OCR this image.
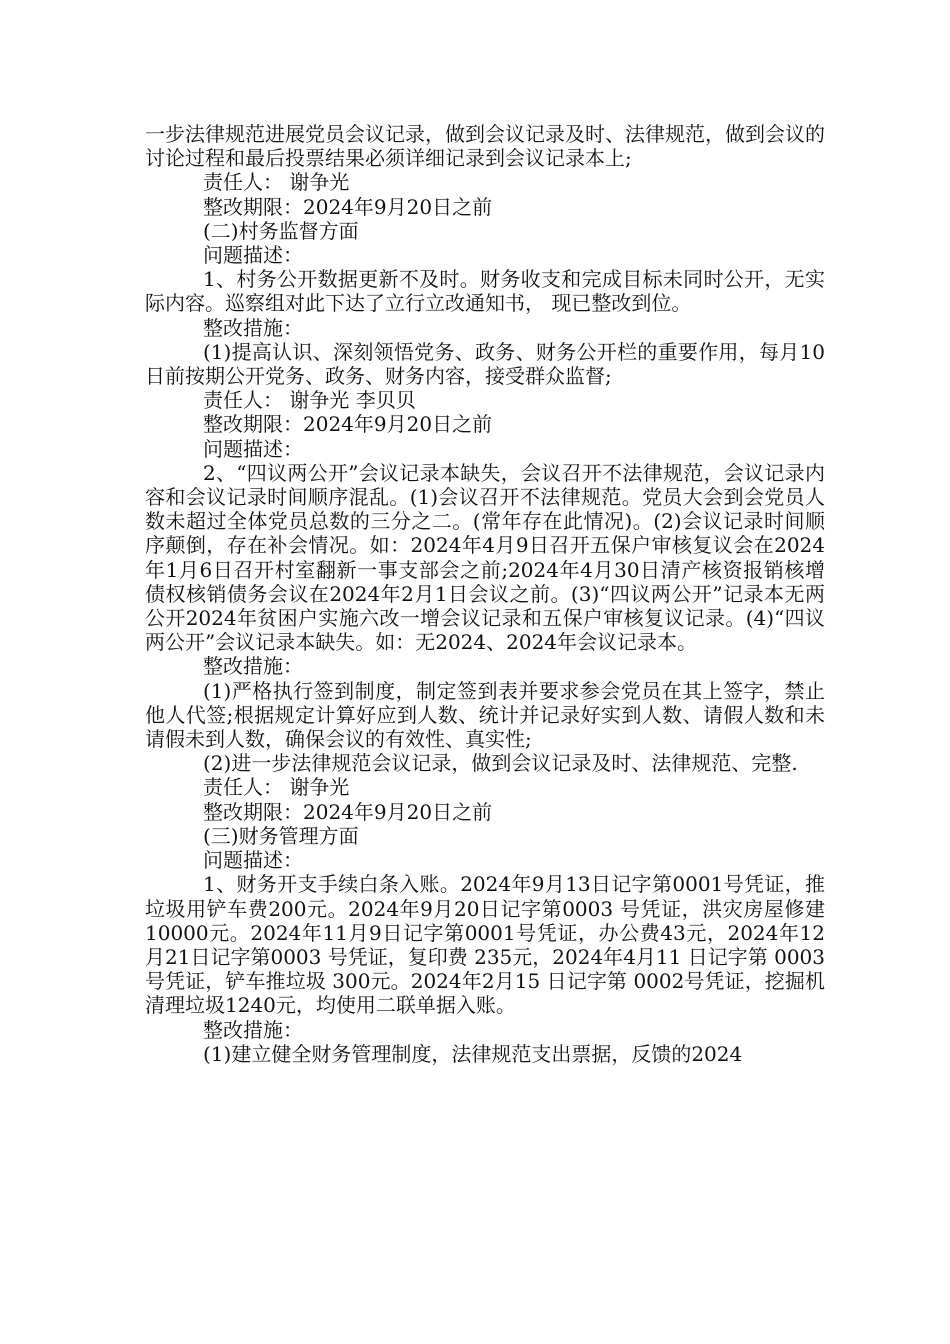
一步法律规范进展党员会议记录，做到会议记录及时、法律规范，做到会议的讨论过程和最后投票结果必须详细记录到会议记录本上;

责任人： 谢争光

整改期限：2024年9月20日之前

(二)村务监督方面

问题描述：

1、村务公开数据更新不及时。财务收支和完成目标未同时公开，无实际内容。巡察组对此下达了立行立改通知书， 现已整改到位。

整改措施：

(1)提高认识、深刻领悟党务、政务、财务公开栏的重要作用，每月10日前按期公开党务、政务、财务内容，接受群众监督;

责任人： 谢争光 李贝贝

整改期限：2024年9月20日之前

问题描述：

2、“四议两公开”会议记录本缺失，会议召开不法律规范，会议记录内容和会议记录时间顺序混乱。(1)会议召开不法律规范。党员大会到会党员人数未超过全体党员总数的三分之二。(常年存在此情况)。(2)会议记录时间顺序颠倒，存在补会情况。如：2024年4月9日召开五保户审核复议会在2024年1月6日召开村室翻新一事支部会之前;2024年4月30日清产核资报销核增债权核销债务会议在2024年2月1日会议之前。(3)“四议两公开”记录本无两公开2024年贫困户实施六改一增会议记录和五保户审核复议记录。(4)“四议两公开”会议记录本缺失。如：无2024、2024年会议记录本。

整改措施：

(1)严格执行签到制度，制定签到表并要求参会党员在其上签字，禁止他人代签;根据规定计算好应到人数、统计并记录好实到人数、请假人数和未请假未到人数，确保会议的有效性、真实性;

(2)进一步法律规范会议记录，做到会议记录及时、法律规范、完整.

责任人： 谢争光

整改期限：2024年9月20日之前

(三)财务管理方面

问题描述：

1、财务开支手续白条入账。2024年9月13日记字第0001号凭证，推垃圾用铲车费200元。2024年9月20日记字第0003 号凭证，洪灾房屋修建 10000元。2024年11月9日记字第0001号凭证，办公费43元，2024年12月21日记字第0003 号凭证，复印费 235元，2024年4月11 日记字第 0003号凭证，铲车推垃圾 300元。2024年2月15 日记字第 0002号凭证，挖掘机清理垃圾1240元，均使用二联单据入账。

整改措施：

(1)建立健全财务管理制度，法律规范支出票据，反馈的2024
